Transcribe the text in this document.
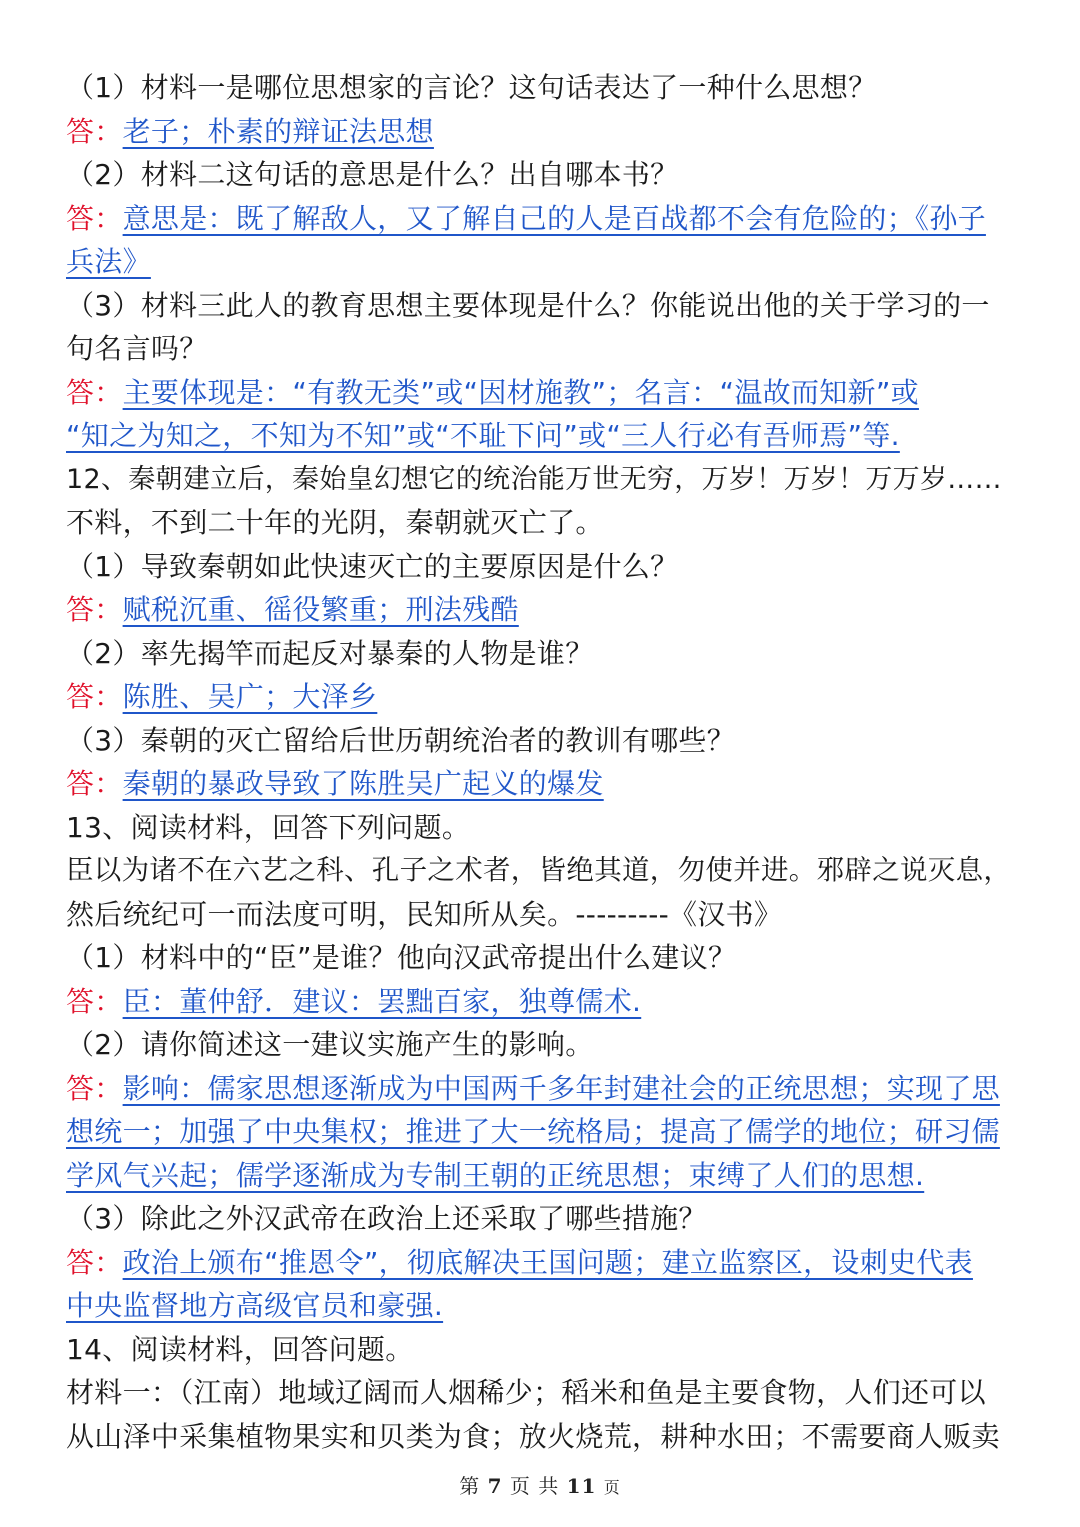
（1）材料一是哪位思想家的言论？这句话表达了一种什么思想？
答：老子；朴素的辩证法思想
（2）材料二这句话的意思是什么？出自哪本书？
答：意思是：既了解敌人，又了解自己的人是百战都不会有危险的；《孙子
兵法》
（3）材料三此人的教育思想主要体现是什么？你能说出他的关于学习的一
句名言吗？
答：主要体现是：“有教无类”或“因材施教”；名言：“温故而知新”或
“知之为知之，不知为不知”或“不耻下问”或“三人行必有吾师焉”等.
12、秦朝建立后，秦始皇幻想它的统治能万世无穷，万岁！万岁！万万岁……
不料，不到二十年的光阴，秦朝就灭亡了。
（1）导致秦朝如此快速灭亡的主要原因是什么？
答：赋税沉重、徭役繁重；刑法残酷
（2）率先揭竿而起反对暴秦的人物是谁？
答：陈胜、吴广；大泽乡
（3）秦朝的灭亡留给后世历朝统治者的教训有哪些？
答：秦朝的暴政导致了陈胜吴广起义的爆发
13、阅读材料，回答下列问题。
臣以为诸不在六艺之科、孔子之术者，皆绝其道，勿使并进。邪辟之说灭息，
然后统纪可一而法度可明，民知所从矣。---------《汉书》
（1）材料中的“臣”是谁？他向汉武帝提出什么建议？
答：臣：董仲舒．建议：罢黜百家，独尊儒术.
（2）请你简述这一建议实施产生的影响。
答：影响：儒家思想逐渐成为中国两千多年封建社会的正统思想；实现了思
想统一；加强了中央集权；推进了大一统格局；提高了儒学的地位；研习儒
学风气兴起；儒学逐渐成为专制王朝的正统思想；束缚了人们的思想.
（3）除此之外汉武帝在政治上还采取了哪些措施？
答：政治上颁布“推恩令”，彻底解决王国问题；建立监察区，设刺史代表
中央监督地方高级官员和豪强.
14、阅读材料，回答问题。
材料一：（江南）地域辽阔而人烟稀少；稻米和鱼是主要食物，人们还可以
从山泽中采集植物果实和贝类为食；放火烧荒，耕种水田；不需要商人贩卖
第 7 页 共 11 页
